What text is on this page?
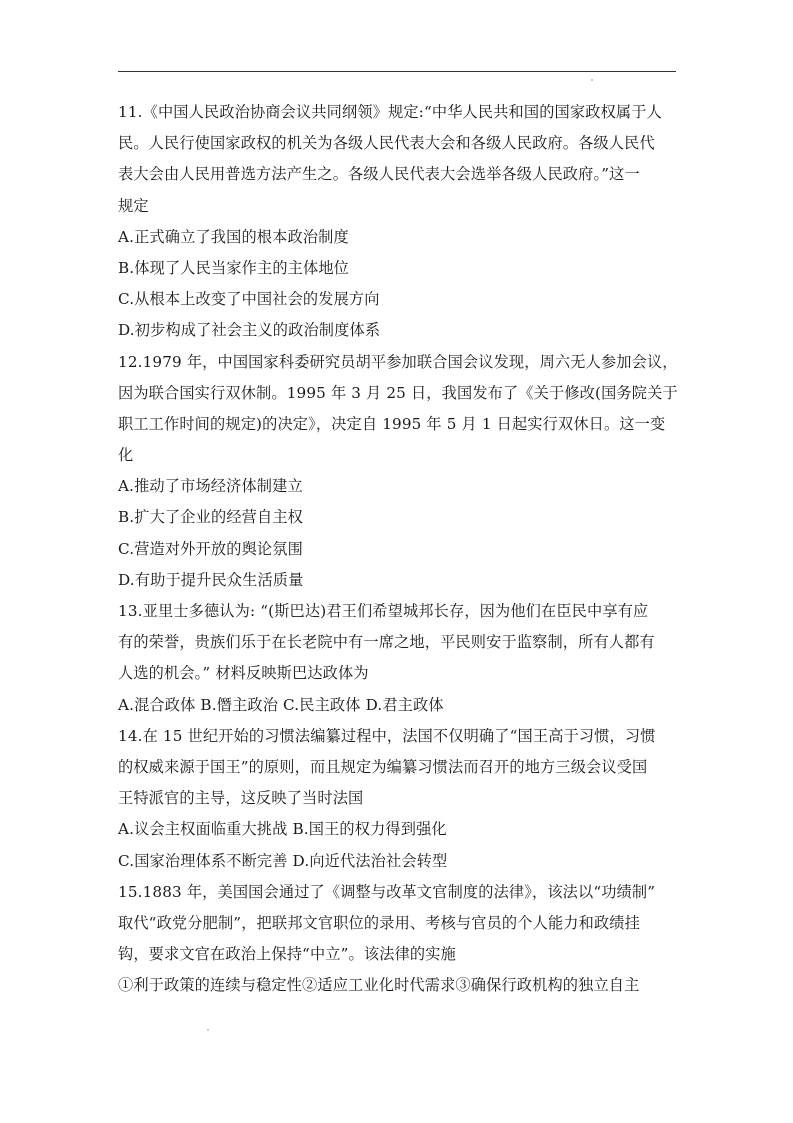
11.《中国人民政治协商会议共同纲领》规定:“中华人民共和国的国家政权属于人
民。人民行使国家政权的机关为各级人民代表大会和各级人民政府。各级人民代
表大会由人民用普选方法产生之。各级人民代表大会选举各级人民政府。”这一
规定
A.正式确立了我国的根本政治制度
B.体现了人民当家作主的主体地位
C.从根本上改变了中国社会的发展方向
D.初步构成了社会主义的政治制度体系
12.1979 年，中国国家科委研究员胡平参加联合国会议发现，周六无人参加会议，
因为联合国实行双休制。1995 年 3 月 25 日，我国发布了《关于修改(国务院关于
职工工作时间的规定)的决定》，决定自 1995 年 5 月 1 日起实行双休日。这一变
化
A.推动了市场经济体制建立
B.扩大了企业的经营自主权
C.营造对外开放的舆论氛围
D.有助于提升民众生活质量
13.亚里士多德认为: “(斯巴达)君王们希望城邦长存，因为他们在臣民中享有应
有的荣誉，贵族们乐于在长老院中有一席之地，平民则安于监察制，所有人都有
人选的机会。” 材料反映斯巴达政体为
A.混合政体 B.僭主政治 C.民主政体 D.君主政体
14.在 15 世纪开始的习惯法编纂过程中，法国不仅明确了“国王高于习惯，习惯
的权威来源于国王”的原则，而且规定为编纂习惯法而召开的地方三级会议受国
王特派官的主导，这反映了当时法国
A.议会主权面临重大挑战 B.国王的权力得到强化
C.国家治理体系不断完善 D.向近代法治社会转型
15.1883 年，美国国会通过了《调整与改革文官制度的法律》，该法以“功绩制”
取代“政党分肥制”，把联邦文官职位的录用、考核与官员的个人能力和政绩挂
钩，要求文官在政治上保持“中立”。该法律的实施
①利于政策的连续与稳定性②适应工业化时代需求③确保行政机构的独立自主
